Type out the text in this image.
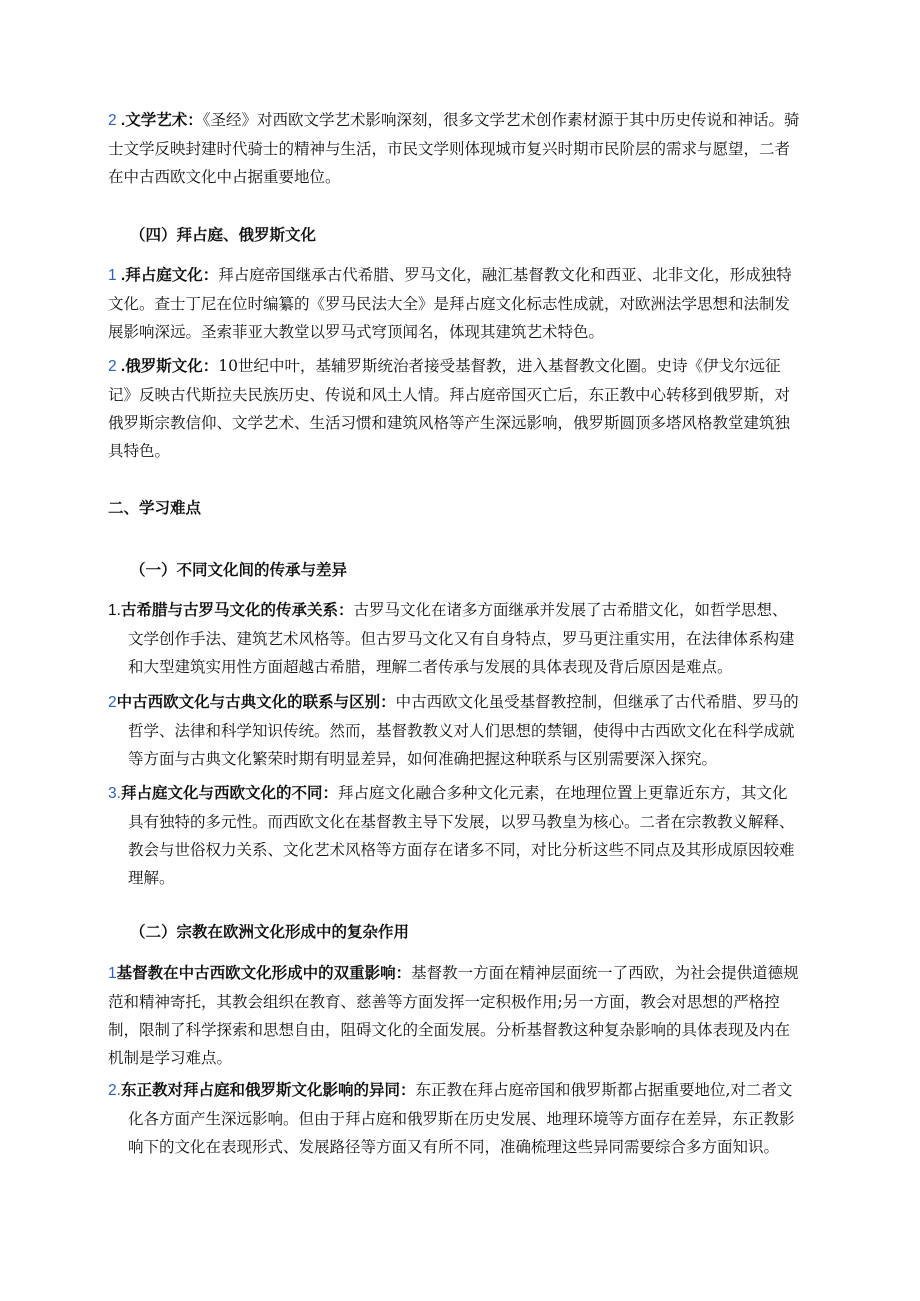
2 .文学艺术：《圣经》对西欧文学艺术影响深刻，很多文学艺术创作素材源于其中历史传说和神话。骑士文学反映封建时代骑士的精神与生活，市民文学则体现城市复兴时期市民阶层的需求与愿望，二者在中古西欧文化中占据重要地位。

（四）拜占庭、俄罗斯文化

1 .拜占庭文化：拜占庭帝国继承古代希腊、罗马文化，融汇基督教文化和西亚、北非文化，形成独特文化。查士丁尼在位时编纂的《罗马民法大全》是拜占庭文化标志性成就，对欧洲法学思想和法制发展影响深远。圣索菲亚大教堂以罗马式穹顶闻名，体现其建筑艺术特色。

2 .俄罗斯文化：10世纪中叶，基辅罗斯统治者接受基督教，进入基督教文化圈。史诗《伊戈尔远征记》反映古代斯拉夫民族历史、传说和风土人情。拜占庭帝国灭亡后，东正教中心转移到俄罗斯，对俄罗斯宗教信仰、文学艺术、生活习惯和建筑风格等产生深远影响，俄罗斯圆顶多塔风格教堂建筑独具特色。

二、学习难点
（一）不同文化间的传承与差异

1.古希腊与古罗马文化的传承关系：古罗马文化在诸多方面继承并发展了古希腊文化，如哲学思想、文学创作手法、建筑艺术风格等。但古罗马文化又有自身特点，罗马更注重实用，在法律体系构建和大型建筑实用性方面超越古希腊，理解二者传承与发展的具体表现及背后原因是难点。

2中古西欧文化与古典文化的联系与区别：中古西欧文化虽受基督教控制，但继承了古代希腊、罗马的哲学、法律和科学知识传统。然而，基督教教义对人们思想的禁锢，使得中古西欧文化在科学成就等方面与古典文化繁荣时期有明显差异，如何准确把握这种联系与区别需要深入探究。

3.拜占庭文化与西欧文化的不同：拜占庭文化融合多种文化元素，在地理位置上更靠近东方，其文化具有独特的多元性。而西欧文化在基督教主导下发展，以罗马教皇为核心。二者在宗教教义解释、教会与世俗权力关系、文化艺术风格等方面存在诸多不同，对比分析这些不同点及其形成原因较难理解。

（二）宗教在欧洲文化形成中的复杂作用

1基督教在中古西欧文化形成中的双重影响：基督教一方面在精神层面统一了西欧，为社会提供道德规范和精神寄托，其教会组织在教育、慈善等方面发挥一定积极作用;另一方面，教会对思想的严格控制，限制了科学探索和思想自由，阻碍文化的全面发展。分析基督教这种复杂影响的具体表现及内在机制是学习难点。

2.东正教对拜占庭和俄罗斯文化影响的异同：东正教在拜占庭帝国和俄罗斯都占据重要地位,对二者文化各方面产生深远影响。但由于拜占庭和俄罗斯在历史发展、地理环境等方面存在差异，东正教影响下的文化在表现形式、发展路径等方面又有所不同，准确梳理这些异同需要综合多方面知识。
